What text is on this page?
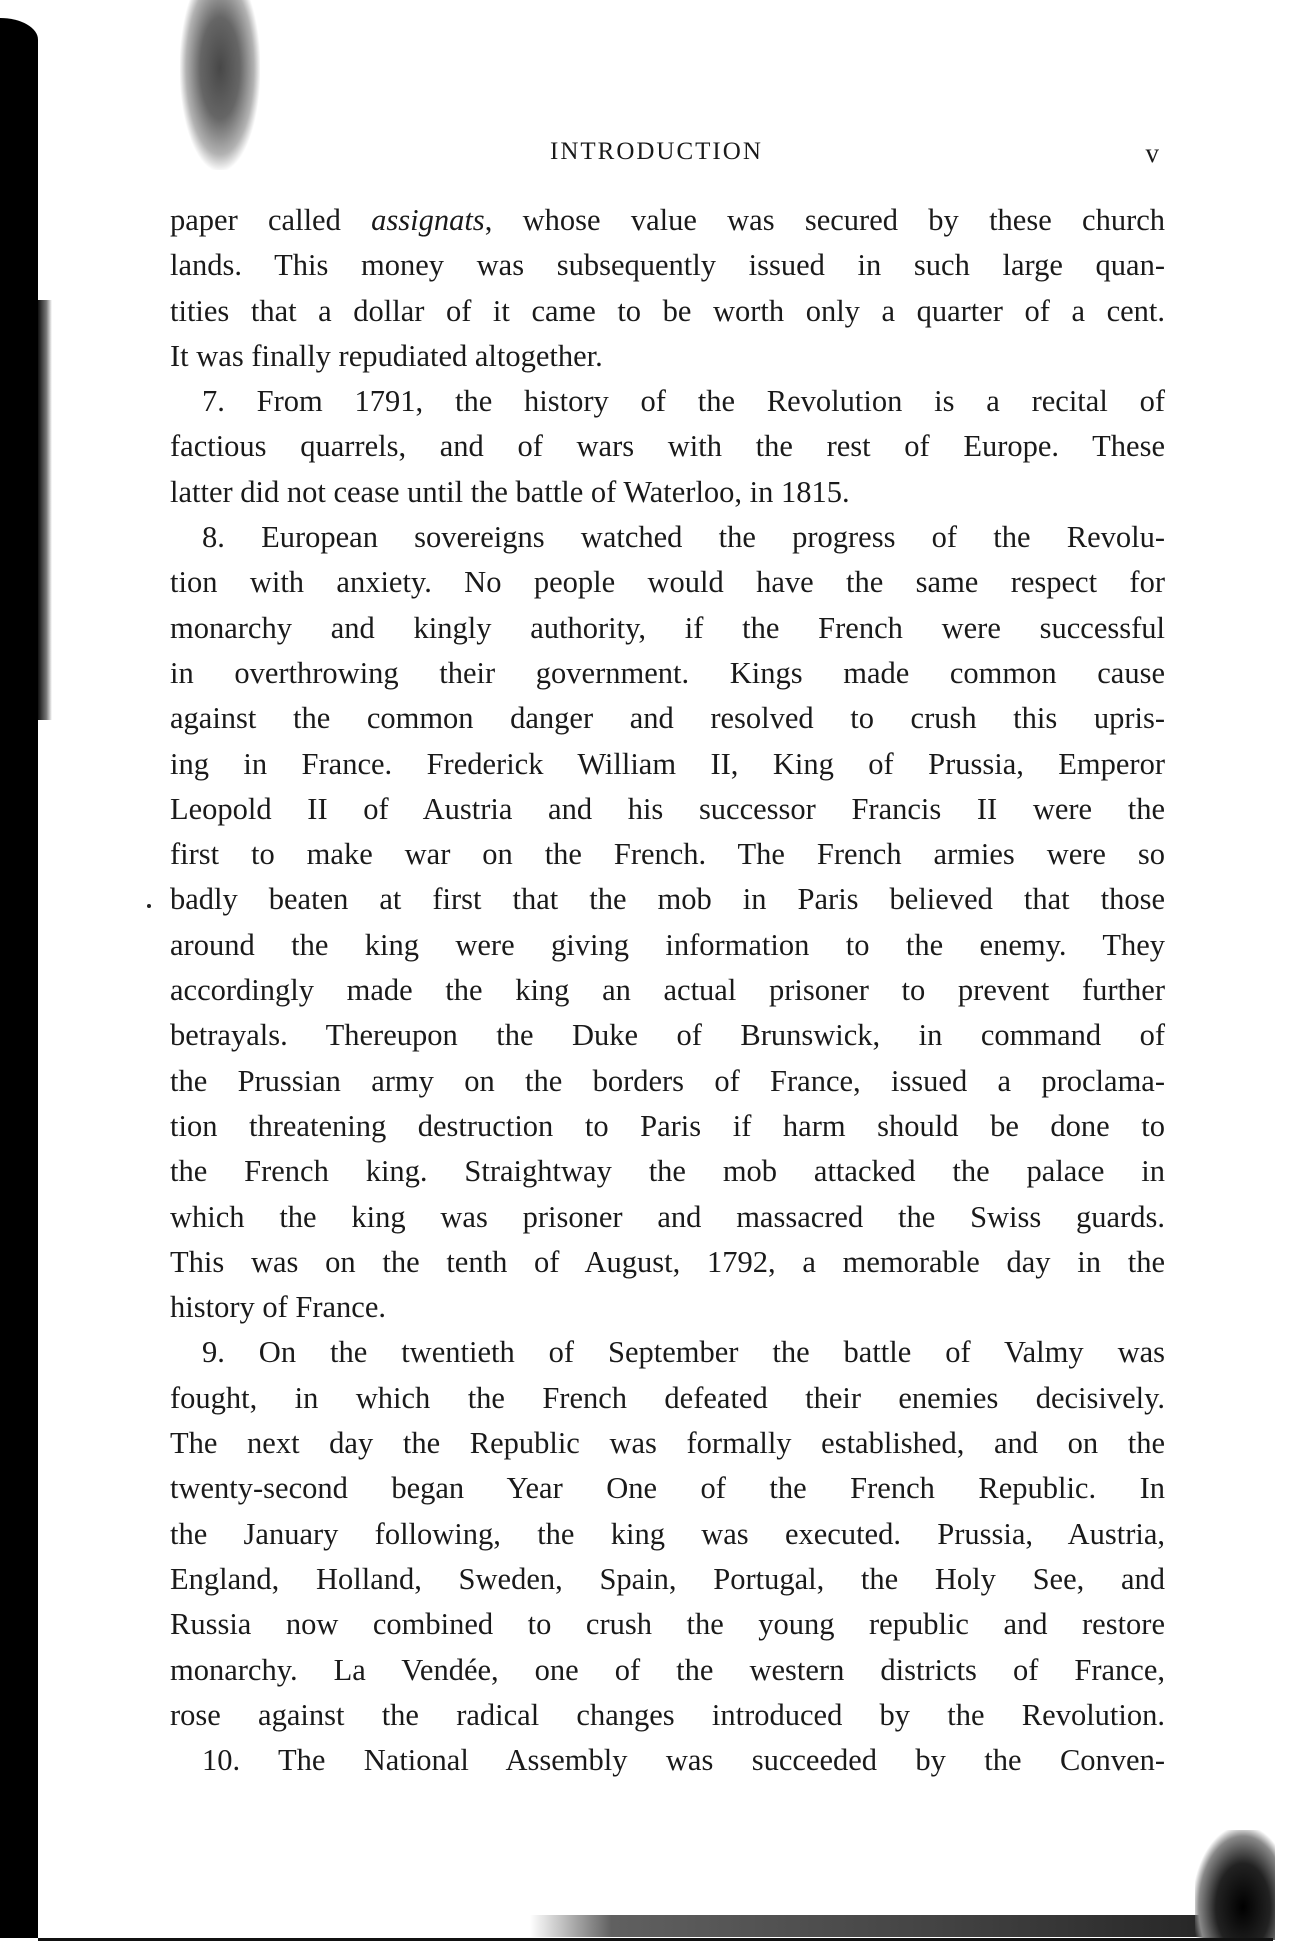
INTRODUCTION	v
paper called assignats, whose value was secured by these church
lands. This money was subsequently issued in such large quan-
tities that a dollar of it came to be worth only a quarter of a cent.
It was finally repudiated altogether.
7. From 1791, the history of the Revolution is a recital of
factious quarrels, and of wars with the rest of Europe. These
latter did not cease until the battle of Waterloo, in 1815.
8. European sovereigns watched the progress of the Revolu-
tion with anxiety. No people would have the same respect for
monarchy and kingly authority, if the French were successful
in overthrowing their government. Kings made common cause
against the common danger and resolved to crush this upris-
ing in France. Frederick William II, King of Prussia, Emperor
Leopold II of Austria and his successor Francis II were the
first to make war on the French. The French armies were so
badly beaten at first that the mob in Paris believed that those
around the king were giving information to the enemy. They
accordingly made the king an actual prisoner to prevent further
betrayals. Thereupon the Duke of Brunswick, in command of
the Prussian army on the borders of France, issued a proclama-
tion threatening destruction to Paris if harm should be done to
the French king. Straightway the mob attacked the palace in
which the king was prisoner and massacred the Swiss guards.
This was on the tenth of August, 1792, a memorable day in the
history of France.
9. On the twentieth of September the battle of Valmy was
fought, in which the French defeated their enemies decisively.
The next day the Republic was formally established, and on the
twenty-second began Year One of the French Republic. In
the January following, the king was executed. Prussia, Austria,
England, Holland, Sweden, Spain, Portugal, the Holy See, and
Russia now combined to crush the young republic and restore
monarchy. La Vendée, one of the western districts of France,
rose against the radical changes introduced by the Revolution.
10. The National Assembly was succeeded by the Conven-
